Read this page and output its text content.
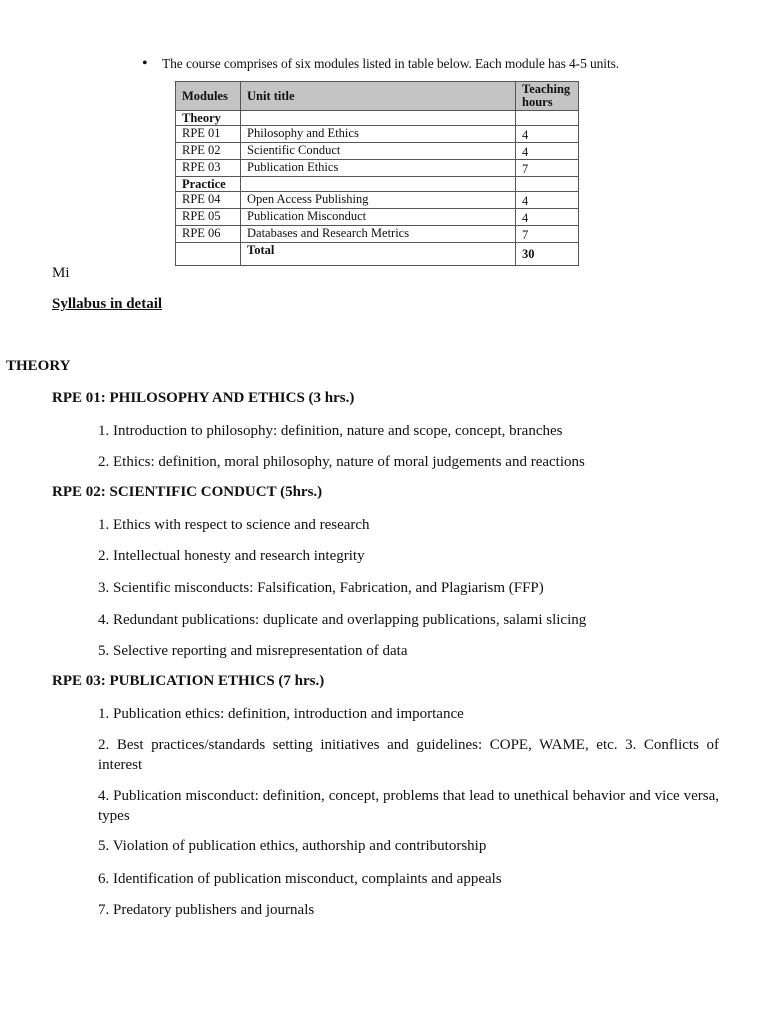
• The course comprises of six modules listed in table below. Each module has 4-5 units.
Modules	Unit title	Teaching hours
Theory		
RPE 01	Philosophy and Ethics	4
RPE 02	Scientific Conduct	4
RPE 03	Publication Ethics	7
Practice		
RPE 04	Open Access Publishing	4
RPE 05	Publication Misconduct	4
RPE 06	Databases and Research Metrics	7
	Total	30
Mi
Syllabus in detail
THEORY
RPE 01: PHILOSOPHY AND ETHICS (3 hrs.)
1. Introduction to philosophy: definition, nature and scope, concept, branches
2. Ethics: definition, moral philosophy, nature of moral judgements and reactions
RPE 02: SCIENTIFIC CONDUCT (5hrs.)
1. Ethics with respect to science and research
2. Intellectual honesty and research integrity
3. Scientific misconducts: Falsification, Fabrication, and Plagiarism (FFP)
4. Redundant publications: duplicate and overlapping publications, salami slicing
5. Selective reporting and misrepresentation of data
RPE 03: PUBLICATION ETHICS (7 hrs.)
1. Publication ethics: definition, introduction and importance
2. Best practices/standards setting initiatives and guidelines: COPE, WAME, etc. 3. Conflicts of interest
4. Publication misconduct: definition, concept, problems that lead to unethical behavior and vice versa, types
5. Violation of publication ethics, authorship and contributorship
6. Identification of publication misconduct, complaints and appeals
7. Predatory publishers and journals
